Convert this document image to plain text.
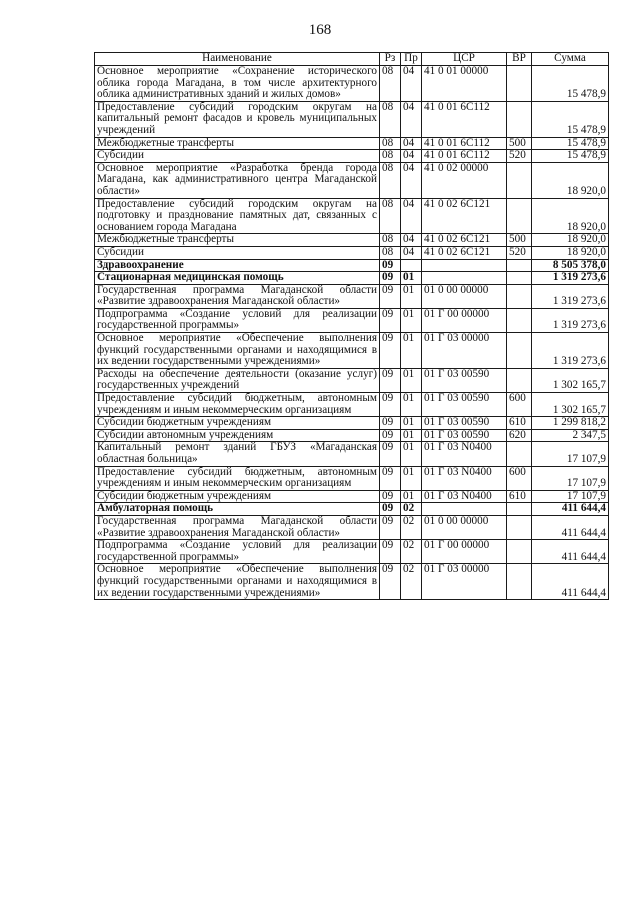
168
Наименование	Рз	Пр	ЦСР	ВР	Сумма
Основное мероприятие «Сохранение исторического облика города Магадана, в том числе архитектурного облика административных зданий и жилых домов»	08	04	41 0 01 00000		15 478,9
Предоставление субсидий городским округам на капитальный ремонт фасадов и кровель муниципальных учреждений	08	04	41 0 01 6С112		15 478,9
Межбюджетные трансферты	08	04	41 0 01 6С112	500	15 478,9
Субсидии	08	04	41 0 01 6С112	520	15 478,9
Основное мероприятие «Разработка бренда города Магадана, как административного центра Магаданской области»	08	04	41 0 02 00000		18 920,0
Предоставление субсидий городским округам на подготовку и празднование памятных дат, связанных с основанием города Магадана	08	04	41 0 02 6С121		18 920,0
Межбюджетные трансферты	08	04	41 0 02 6С121	500	18 920,0
Субсидии	08	04	41 0 02 6С121	520	18 920,0
Здравоохранение	09				8 505 378,0
Стационарная медицинская помощь	09	01			1 319 273,6
Государственная программа Магаданской области «Развитие здравоохранения Магаданской области»	09	01	01 0 00 00000		1 319 273,6
Подпрограмма «Создание условий для реализации государственной программы»	09	01	01 Г 00 00000		1 319 273,6
Основное мероприятие «Обеспечение выполнения функций государственными органами и находящимися в их ведении государственными учреждениями»	09	01	01 Г 03 00000		1 319 273,6
Расходы на обеспечение деятельности (оказание услуг) государственных учреждений	09	01	01 Г 03 00590		1 302 165,7
Предоставление субсидий бюджетным, автономным учреждениям и иным некоммерческим организациям	09	01	01 Г 03 00590	600	1 302 165,7
Субсидии бюджетным учреждениям	09	01	01 Г 03 00590	610	1 299 818,2
Субсидии автономным учреждениям	09	01	01 Г 03 00590	620	2 347,5
Капитальный ремонт зданий ГБУЗ «Магаданская областная больница»	09	01	01 Г 03 N0400		17 107,9
Предоставление субсидий бюджетным, автономным учреждениям и иным некоммерческим организациям	09	01	01 Г 03 N0400	600	17 107,9
Субсидии бюджетным учреждениям	09	01	01 Г 03 N0400	610	17 107,9
Амбулаторная помощь	09	02			411 644,4
Государственная программа Магаданской области «Развитие здравоохранения Магаданской области»	09	02	01 0 00 00000		411 644,4
Подпрограмма «Создание условий для реализации государственной программы»	09	02	01 Г 00 00000		411 644,4
Основное мероприятие «Обеспечение выполнения функций государственными органами и находящимися в их ведении государственными учреждениями»	09	02	01 Г 03 00000		411 644,4
